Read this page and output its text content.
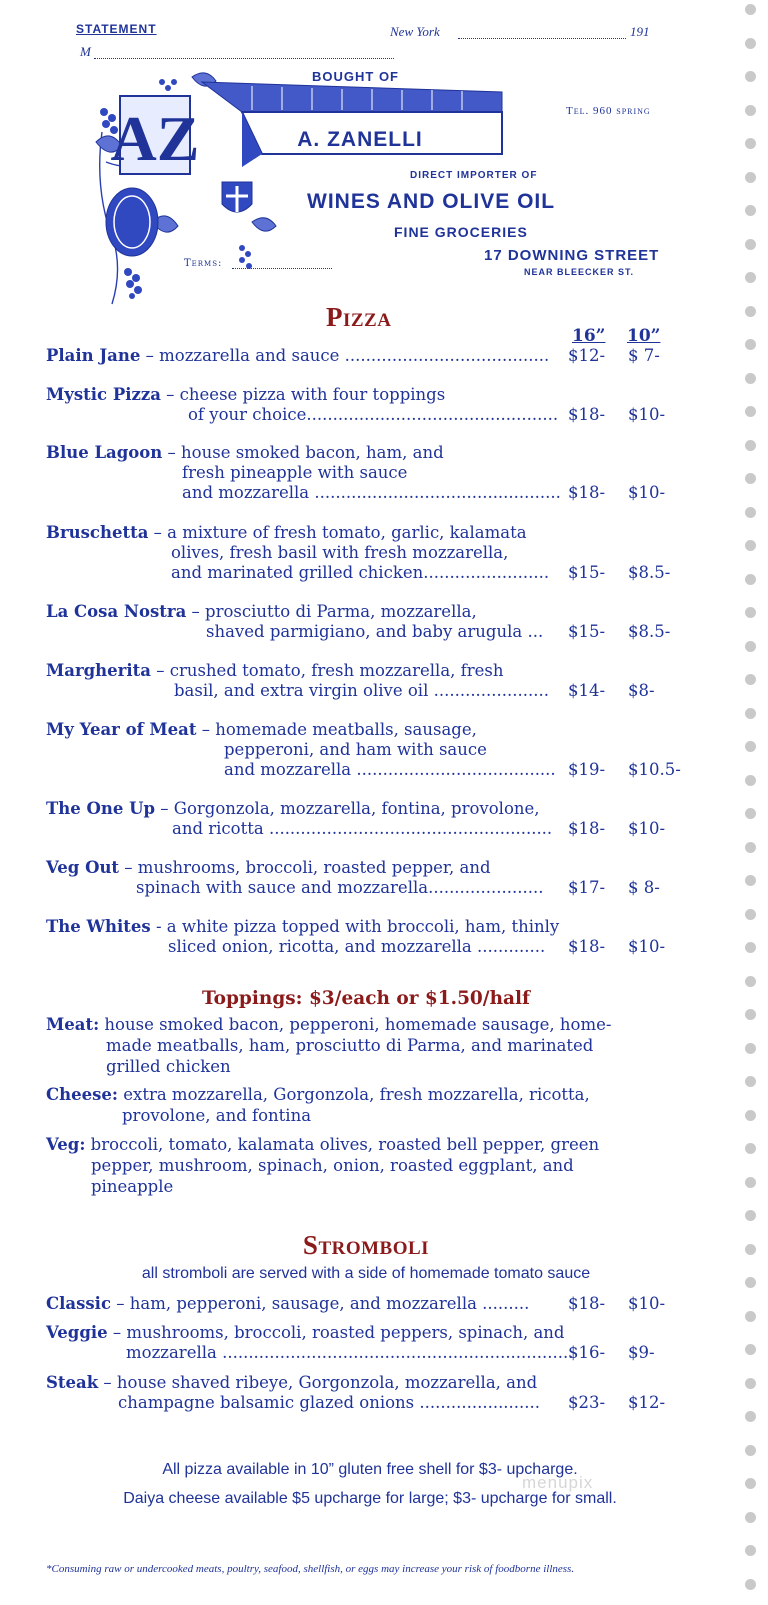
STATEMENT
M
New York	191
AZ
BOUGHT OF
Tel. 960 spring
A. ZANELLI
DIRECT IMPORTER OF
WINES AND OLIVE OIL
FINE GROCERIES
17 DOWNING STREET
NEAR BLEECKER ST.
Terms:
Pizza
16” 10”
Plain Jane – mozzarella and sauce ....................................... $12- $ 7-
Mystic Pizza – cheese pizza with four toppings
of your choice................................................ $18- $10-
Blue Lagoon – house smoked bacon, ham, and
fresh pineapple with sauce
and mozzarella ............................................... $18- $10-
Bruschetta – a mixture of fresh tomato, garlic, kalamata
olives, fresh basil with fresh mozzarella,
and marinated grilled chicken........................ $15- $8.5-
La Cosa Nostra – prosciutto di Parma, mozzarella,
shaved parmigiano, and baby arugula ... $15- $8.5-
Margherita – crushed tomato, fresh mozzarella, fresh
basil, and extra virgin olive oil ...................... $14- $8-
My Year of Meat – homemade meatballs, sausage,
pepperoni, and ham with sauce
and mozzarella ...................................... $19- $10.5-
The One Up – Gorgonzola, mozzarella, fontina, provolone,
and ricotta ...................................................... $18- $10-
Veg Out – mushrooms, broccoli, roasted pepper, and
spinach with sauce and mozzarella...................... $17- $ 8-
The Whites - a white pizza topped with broccoli, ham, thinly
sliced onion, ricotta, and mozzarella ............. $18- $10-
Toppings: $3/each or $1.50/half
Meat: house smoked bacon, pepperoni, homemade sausage, home-
made meatballs, ham, prosciutto di Parma, and marinated
grilled chicken
Cheese: extra mozzarella, Gorgonzola, fresh mozzarella, ricotta,
provolone, and fontina
Veg: broccoli, tomato, kalamata olives, roasted bell pepper, green
pepper, mushroom, spinach, onion, roasted eggplant, and
pineapple
Stromboli
all stromboli are served with a side of homemade tomato sauce
Classic – ham, pepperoni, sausage, and mozzarella ......... $18- $10-
Veggie – mushrooms, broccoli, roasted peppers, spinach, and
mozzarella ...................................................................
$16- $9-
Steak – house shaved ribeye, Gorgonzola, mozzarella, and
champagne balsamic glazed onions ....................... $23- $12-
All pizza available in 10” gluten free shell for $3- upcharge.
Daiya cheese available $5 upcharge for large; $3- upcharge for small.
menupix
*Consuming raw or undercooked meats, poultry, seafood, shellfish, or eggs may increase your risk of foodborne illness.
